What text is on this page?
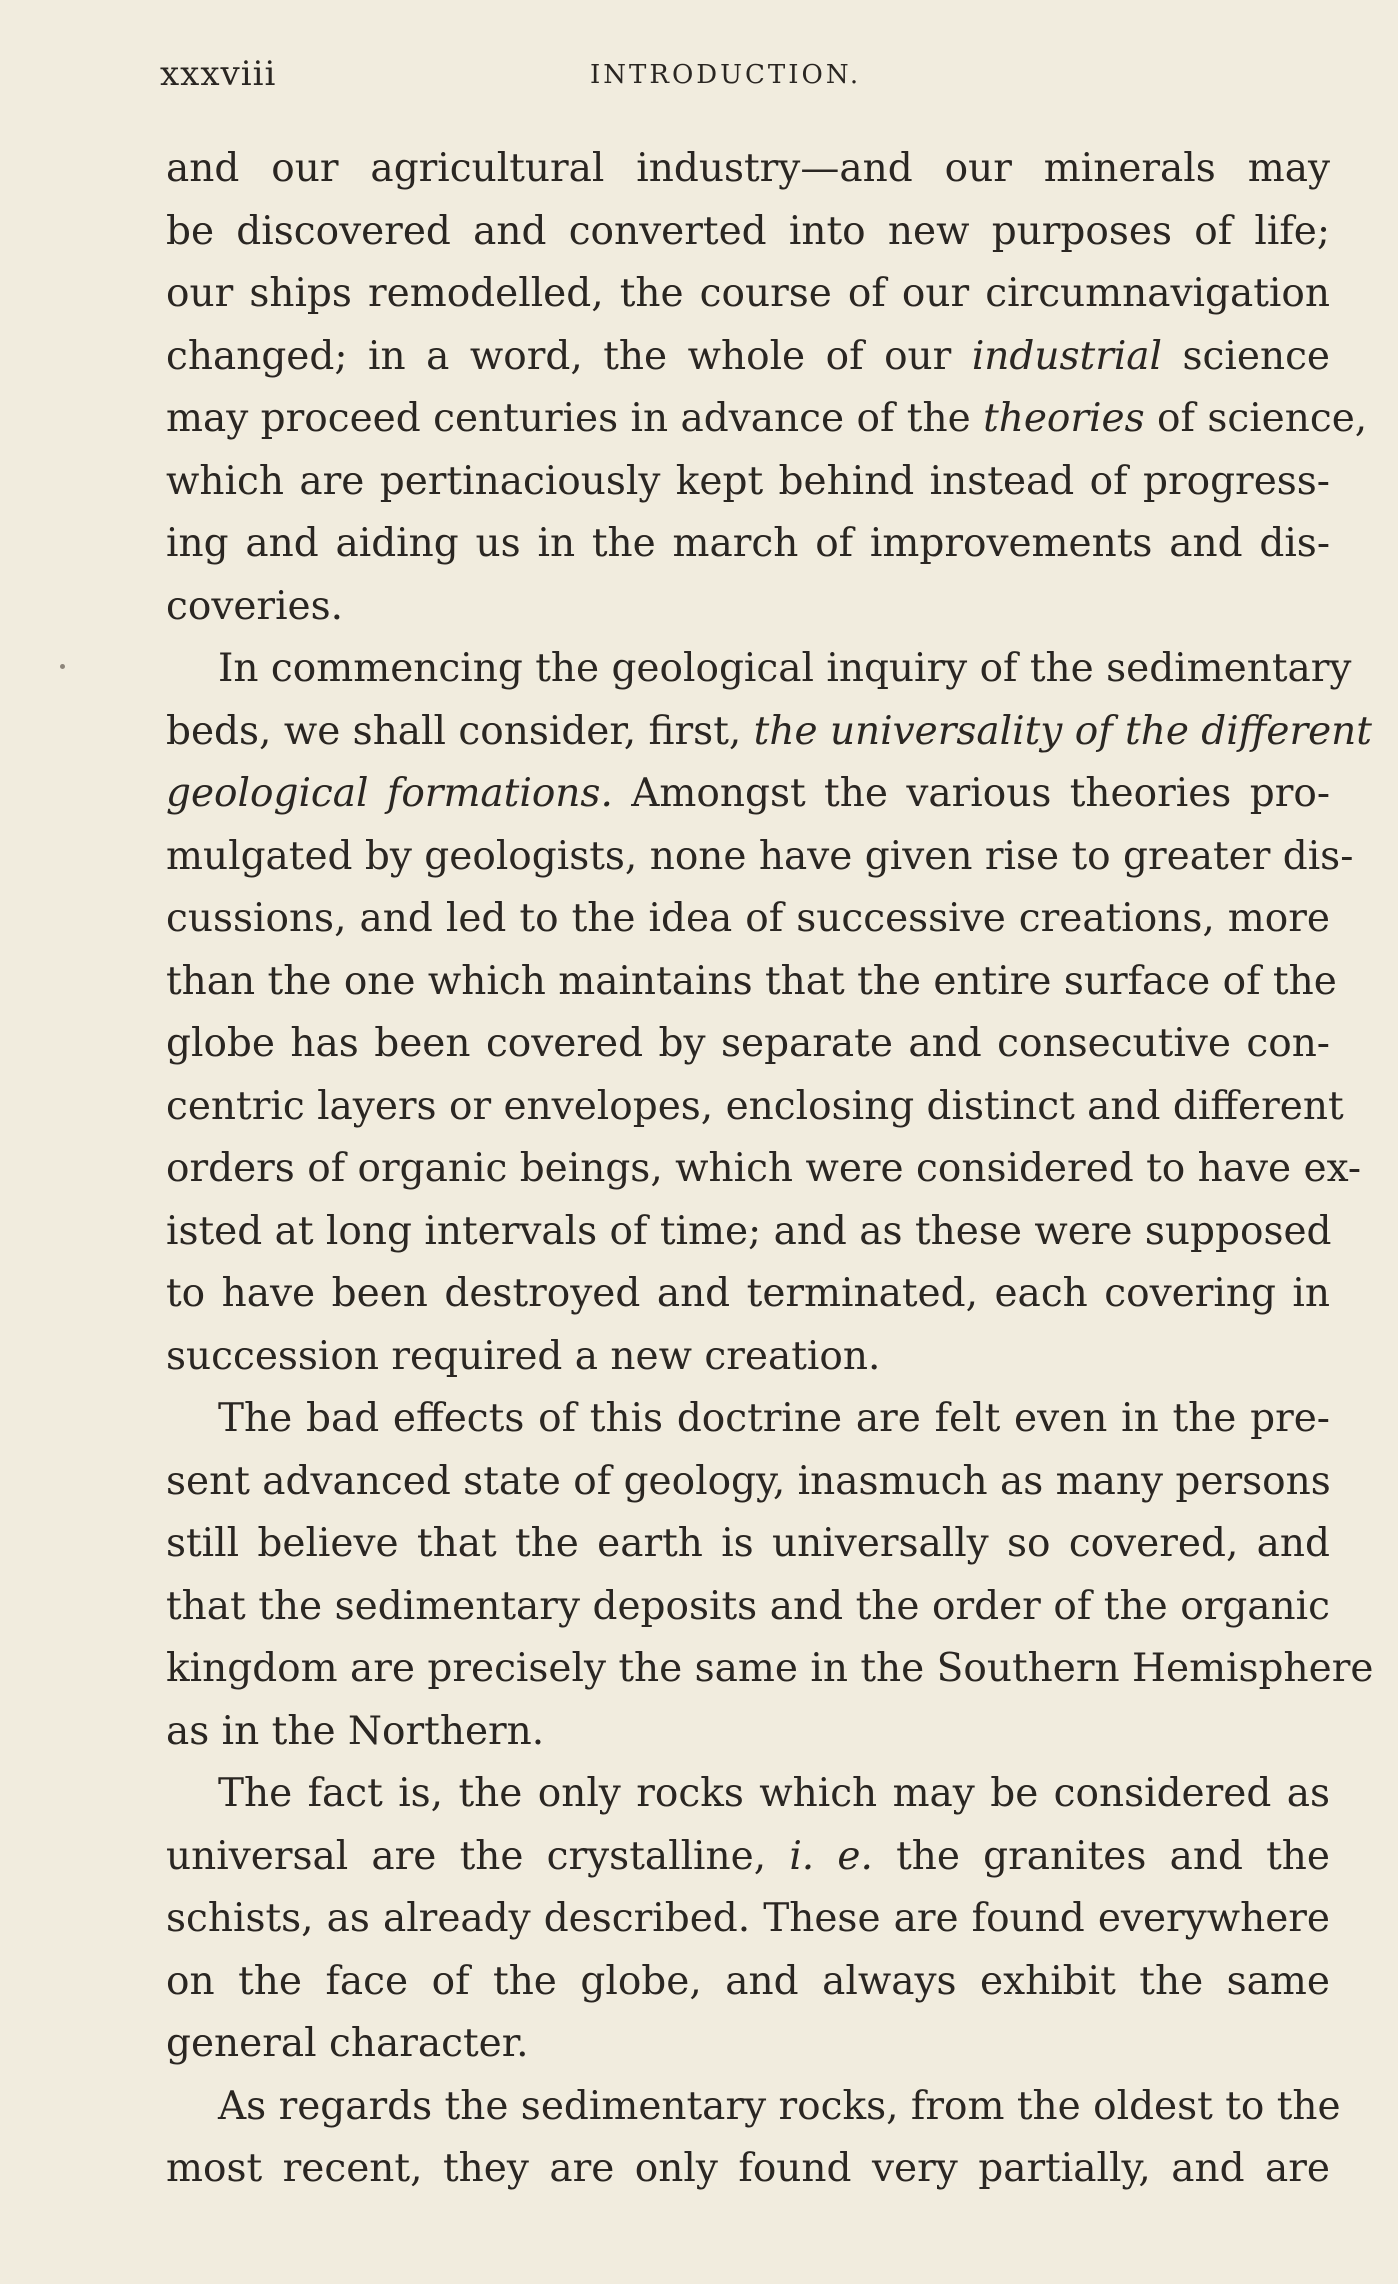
xxxviii	INTRODUCTION.
and our agricultural industry—and our minerals may
be discovered and converted into new purposes of life;
our ships remodelled, the course of our circumnavigation
changed; in a word, the whole of our industrial science
may proceed centuries in advance of the theories of science,
which are pertinaciously kept behind instead of progress-
ing and aiding us in the march of improvements and dis-
coveries.
In commencing the geological inquiry of the sedimentary
beds, we shall consider, first, the universality of the different
geological formations. Amongst the various theories pro-
mulgated by geologists, none have given rise to greater dis-
cussions, and led to the idea of successive creations, more
than the one which maintains that the entire surface of the
globe has been covered by separate and consecutive con-
centric layers or envelopes, enclosing distinct and different
orders of organic beings, which were considered to have ex-
isted at long intervals of time; and as these were supposed
to have been destroyed and terminated, each covering in
succession required a new creation.
The bad effects of this doctrine are felt even in the pre-
sent advanced state of geology, inasmuch as many persons
still believe that the earth is universally so covered, and
that the sedimentary deposits and the order of the organic
kingdom are precisely the same in the Southern Hemisphere
as in the Northern.
The fact is, the only rocks which may be considered as
universal are the crystalline, i. e. the granites and the
schists, as already described. These are found everywhere
on the face of the globe, and always exhibit the same
general character.
As regards the sedimentary rocks, from the oldest to the
most recent, they are only found very partially, and are
